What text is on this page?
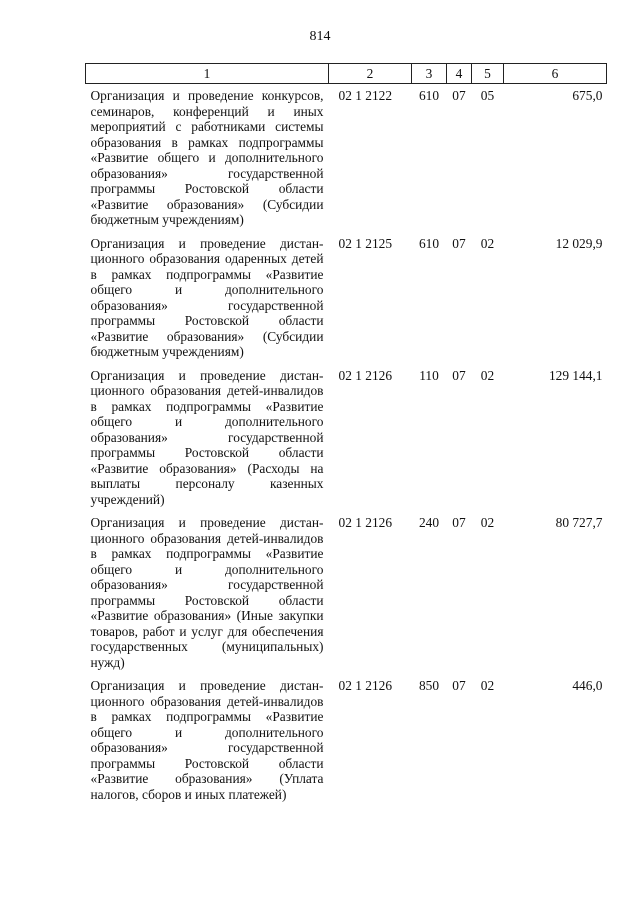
814
1	2	3	4	5	6
Организация и проведение конкурсов, семинаров, конференций и иных мероприятий с работниками системы образования в рамках подпрограммы «Развитие общего и дополнительного образования» государственной программы Ростовской области «Развитие образования» (Субсидии бюджетным учреждениям)	02 1 2122	610	07	05	675,0
Организация и проведение дистанционного образования одаренных детей в рамках подпрограммы «Развитие общего и дополнительного образования» государственной программы Ростовской области «Развитие образования» (Субсидии бюджетным учреждениям)	02 1 2125	610	07	02	12 029,9
Организация и проведение дистанционного образования детей-инвалидов в рамках подпрограммы «Развитие общего и дополнительного образования» государственной программы Ростовской области «Развитие образования» (Расходы на выплаты персоналу казенных учреждений)	02 1 2126	110	07	02	129 144,1
Организация и проведение дистанционного образования детей-инвалидов в рамках подпрограммы «Развитие общего и дополнительного образования» государственной программы Ростовской области «Развитие образования» (Иные закупки товаров, работ и услуг для обеспечения государственных (муниципальных) нужд)	02 1 2126	240	07	02	80 727,7
Организация и проведение дистанционного образования детей-инвалидов в рамках подпрограммы «Развитие общего и дополнительного образования» государственной программы Ростовской области «Развитие образования» (Уплата налогов, сборов и иных платежей)	02 1 2126	850	07	02	446,0
